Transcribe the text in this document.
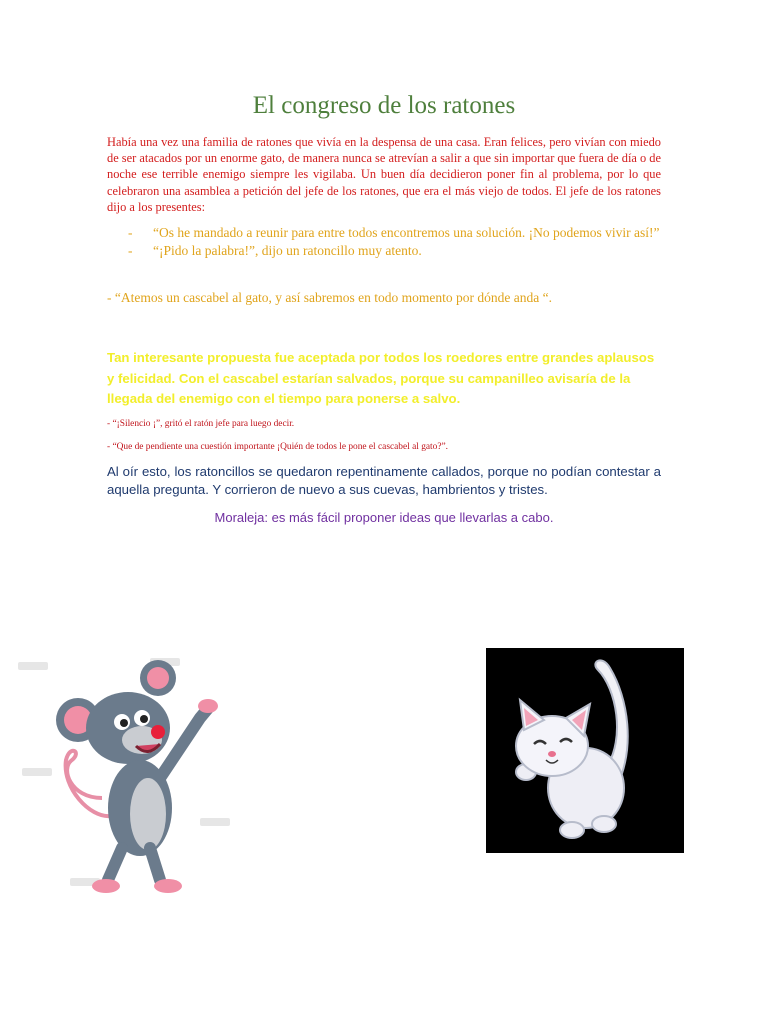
El congreso de los ratones

Había una vez una familia de ratones que vivía en la despensa de una casa. Eran felices, pero vivían con miedo de ser atacados por un enorme gato, de manera nunca se atrevían a salir a que sin importar que fuera de día o de noche ese terrible enemigo siempre les vigilaba. Un buen día decidieron poner fin al problema, por lo que celebraron una asamblea a petición del jefe de los ratones, que era el más viejo de todos. El jefe de los ratones dijo a los presentes:

- “Os he mandado a reunir para entre todos encontremos una solución. ¡No podemos vivir así!”
- “¡Pido la palabra!”, dijo un ratoncillo muy atento.

- “Atemos un cascabel al gato, y así sabremos en todo momento por dónde anda “.

Tan interesante propuesta fue aceptada por todos los roedores entre grandes aplausos y felicidad. Con el cascabel estarían salvados, porque su campanilleo avisaría de la llegada del enemigo con el tiempo para ponerse a salvo.

- “¡Silencio ¡”, gritó el ratón jefe para luego decir.

- “Que de pendiente una cuestión importante ¡Quién de todos le pone el cascabel al gato?”.

Al oír esto, los ratoncillos se quedaron repentinamente callados, porque no podían contestar a aquella pregunta. Y corrieron de nuevo a sus cuevas, hambrientos y tristes.

Moraleja: es más fácil proponer ideas que llevarlas a cabo.
